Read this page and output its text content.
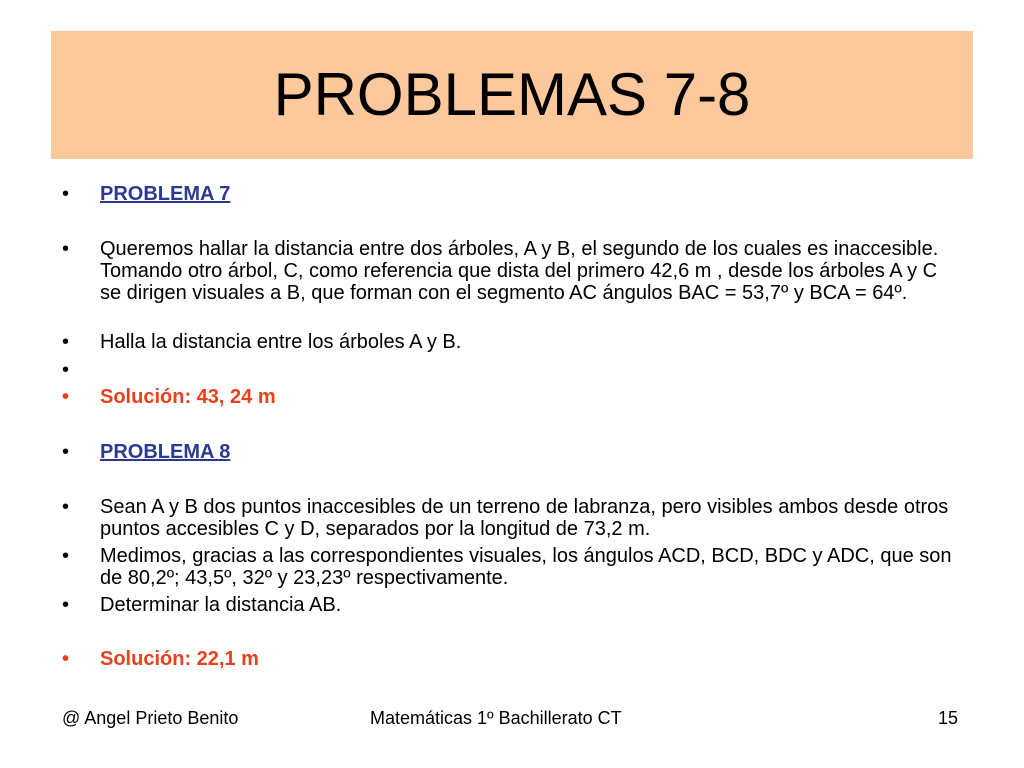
PROBLEMAS 7-8
•	PROBLEMA 7
•	Queremos hallar la distancia entre dos árboles, A y B, el segundo de los cuales es inaccesible. Tomando otro árbol, C, como referencia que dista del primero 42,6 m , desde los árboles A y C se dirigen visuales a B, que forman con el segmento AC ángulos BAC = 53,7º y BCA = 64º.
•	Halla la distancia entre los árboles A y B.
•
•	Solución: 43, 24 m
•	PROBLEMA 8
•	Sean A y B dos puntos inaccesibles de un terreno de labranza, pero visibles ambos desde otros puntos accesibles C y D, separados por la longitud de 73,2 m.
•	Medimos, gracias a las correspondientes visuales, los ángulos ACD, BCD, BDC y ADC, que son de 80,2º; 43,5º, 32º y 23,23º respectivamente.
•	Determinar la distancia AB.
•	Solución: 22,1 m
@ Angel Prieto Benito	Matemáticas 1º Bachillerato CT	15
